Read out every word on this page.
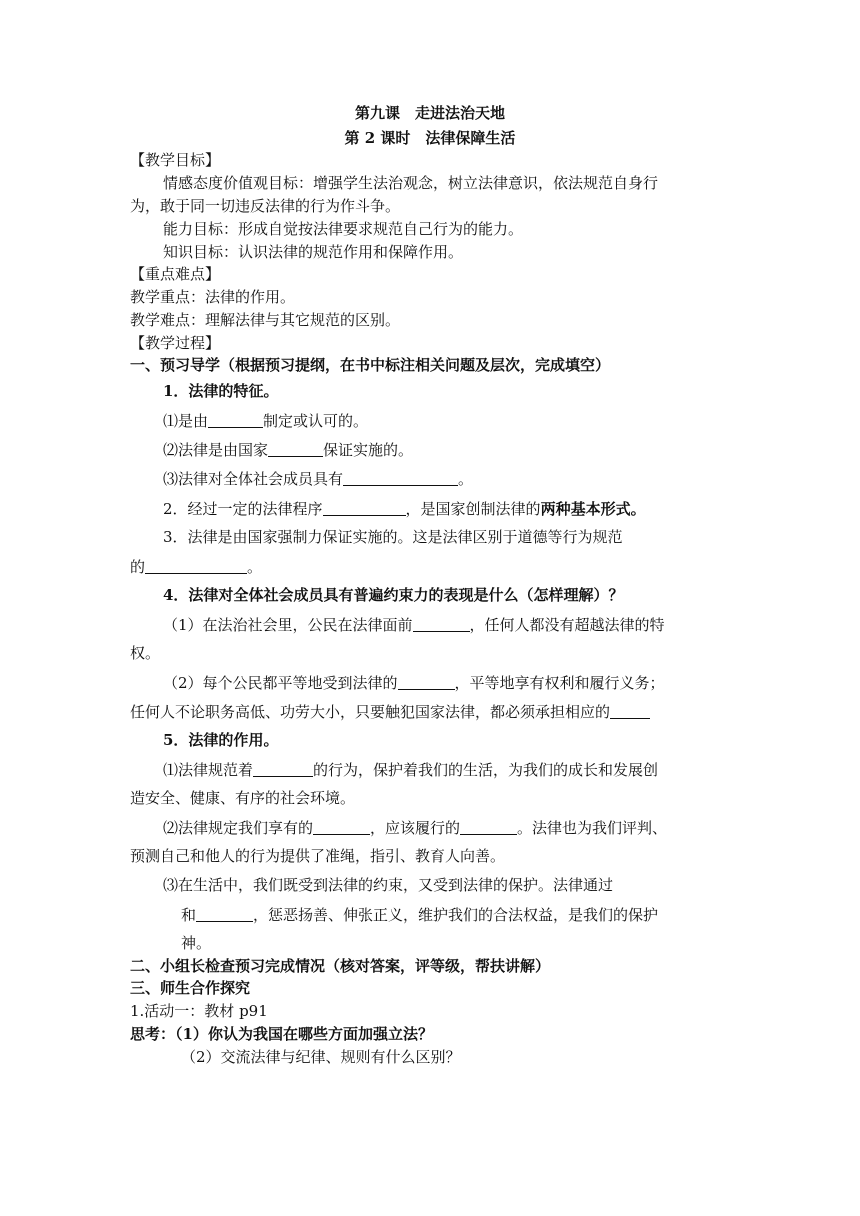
第九课　走进法治天地
第 2 课时　法律保障生活
【教学目标】
情感态度价值观目标：增强学生法治观念，树立法律意识，依法规范自身行
为，敢于同一切违反法律的行为作斗争。
能力目标：形成自觉按法律要求规范自己行为的能力。
知识目标：认识法律的规范作用和保障作用。
【重点难点】
教学重点：法律的作用。
教学难点：理解法律与其它规范的区别。
【教学过程】
一、预习导学（根据预习提纲，在书中标注相关问题及层次，完成填空）
1．法律的特征。
⑴是由	制定或认可的。
⑵法律是由国家	保证实施的。
⑶法律对全体社会成员具有	。
2．经过一定的法律程序	，是国家创制法律的两种基本形式。
3．法律是由国家强制力保证实施的。这是法律区别于道德等行为规范
的	。
4．法律对全体社会成员具有普遍约束力的表现是什么（怎样理解）？
（1）在法治社会里，公民在法律面前	，任何人都没有超越法律的特
权。
（2）每个公民都平等地受到法律的	，平等地享有权利和履行义务；
任何人不论职务高低、功劳大小，只要触犯国家法律，都必须承担相应的
5．法律的作用。
⑴法律规范着	的行为，保护着我们的生活，为我们的成长和发展创
造安全、健康、有序的社会环境。
⑵法律规定我们享有的	，应该履行的	。法律也为我们评判、
预测自己和他人的行为提供了准绳，指引、教育人向善。
⑶在生活中，我们既受到法律的约束，又受到法律的保护。法律通过
和	，惩恶扬善、伸张正义，维护我们的合法权益，是我们的保护
神。
二、小组长检查预习完成情况（核对答案，评等级，帮扶讲解）
三、师生合作探究
1.活动一：教材 p91
思考：（1）你认为我国在哪些方面加强立法？
（2）交流法律与纪律、规则有什么区别？
